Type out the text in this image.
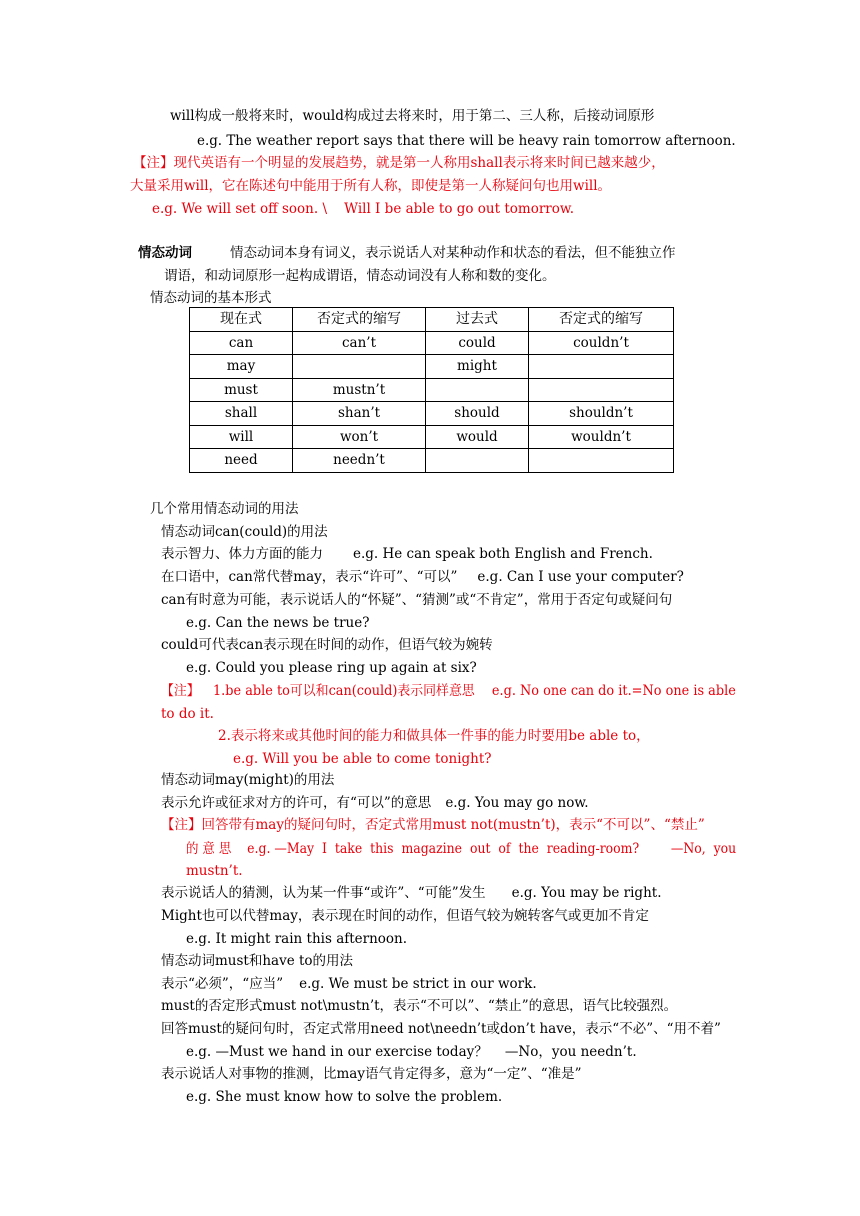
will构成一般将来时，would构成过去将来时，用于第二、三人称，后接动词原形
e.g. The weather report says that there will be heavy rain tomorrow afternoon.
【注】现代英语有一个明显的发展趋势，就是第一人称用shall表示将来时间已越来越少，
大量采用will，它在陈述句中能用于所有人称，即使是第一人称疑问句也用will。
e.g. We will set off soon. \    Will I be able to go out tomorrow.
情态动词	情态动词本身有词义，表示说话人对某种动作和状态的看法，但不能独立作
谓语，和动词原形一起构成谓语，情态动词没有人称和数的变化。
情态动词的基本形式
现在式	否定式的缩写	过去式	否定式的缩写
can	can’t	could	couldn’t
may		might	
must	mustn’t		
shall	shan’t	should	shouldn’t
will	won’t	would	wouldn’t
need	needn’t		
几个常用情态动词的用法
情态动词can(could)的用法
表示智力、体力方面的能力 e.g. He can speak both English and French.
在口语中，can常代替may，表示“许可”、“可以” e.g. Can I use your computer?
can有时意为可能，表示说话人的“怀疑”、“猜测”或“不肯定”，常用于否定句或疑问句
e.g. Can the news be true?
could可代表can表示现在时间的动作，但语气较为婉转
e.g. Could you please ring up again at six?
【注】 1.be able to可以和can(could)表示同样意思 e.g. No one can do it.=No one is able
to do it.
2.表示将来或其他时间的能力和做具体一件事的能力时要用be able to，
e.g. Will you be able to come tonight?
情态动词may(might)的用法
表示允许或征求对方的许可，有“可以”的意思 e.g. You may go now.
【注】回答带有may的疑问句时，否定式常用must not(mustn’t)，表示“不可以”、“禁止”
的 意 思    e.g. —May  I  take  this  magazine  out  of  the  reading-room?        —No,  you
mustn’t.
表示说话人的猜测，认为某一件事“或许”、“可能”发生 e.g. You may be right.
Might也可以代替may，表示现在时间的动作，但语气较为婉转客气或更加不肯定
e.g. It might rain this afternoon.
情态动词must和have to的用法
表示“必须”，“应当” e.g. We must be strict in our work.
must的否定形式must not\mustn’t，表示“不可以”、“禁止”的意思，语气比较强烈。
回答must的疑问句时，否定式常用need not\needn’t或don’t have，表示“不必”、“用不着”
e.g. —Must we hand in our exercise today？    —No，you needn’t.
表示说话人对事物的推测，比may语气肯定得多，意为“一定”、“准是”
e.g. She must know how to solve the problem.
